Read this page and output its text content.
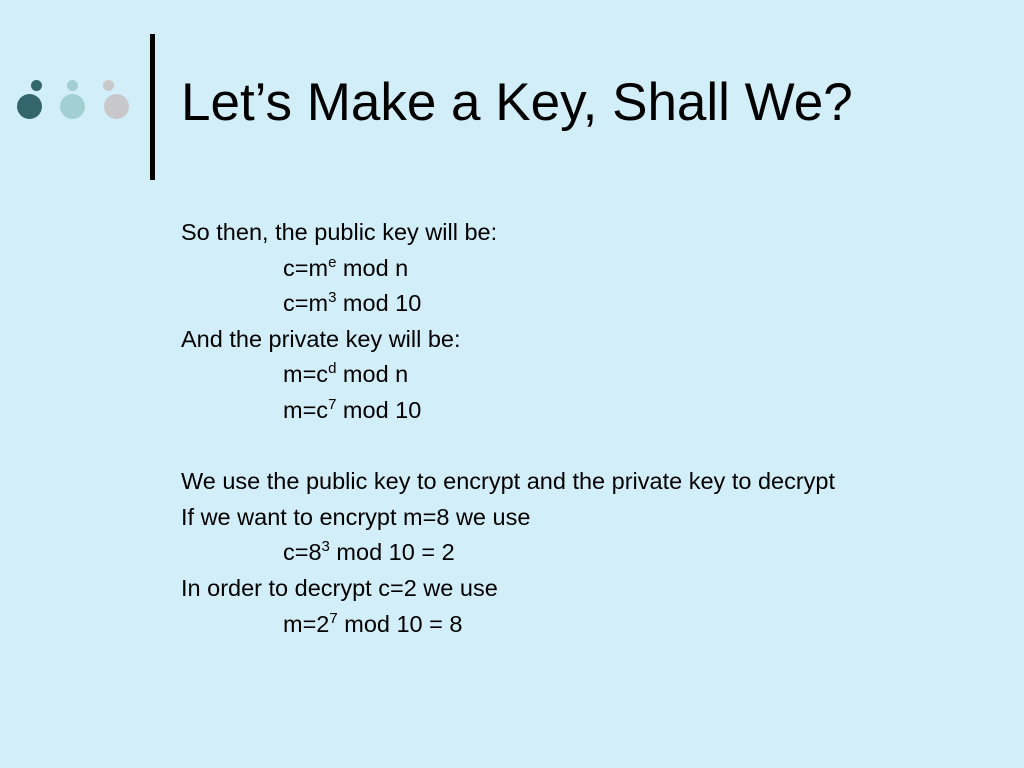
Let’s Make a Key, Shall We?
So then, the public key will be:
$c=m^e$ mod n
$c=m^3$ mod 10
And the private key will be:
$m=c^d$ mod n
$m=c^7$ mod 10
We use the public key to encrypt and the private key to decrypt
If we want to encrypt m=8 we use
$c=8^3$ mod 10 = 2
In order to decrypt c=2 we use
$m=2^7$ mod 10 = 8
